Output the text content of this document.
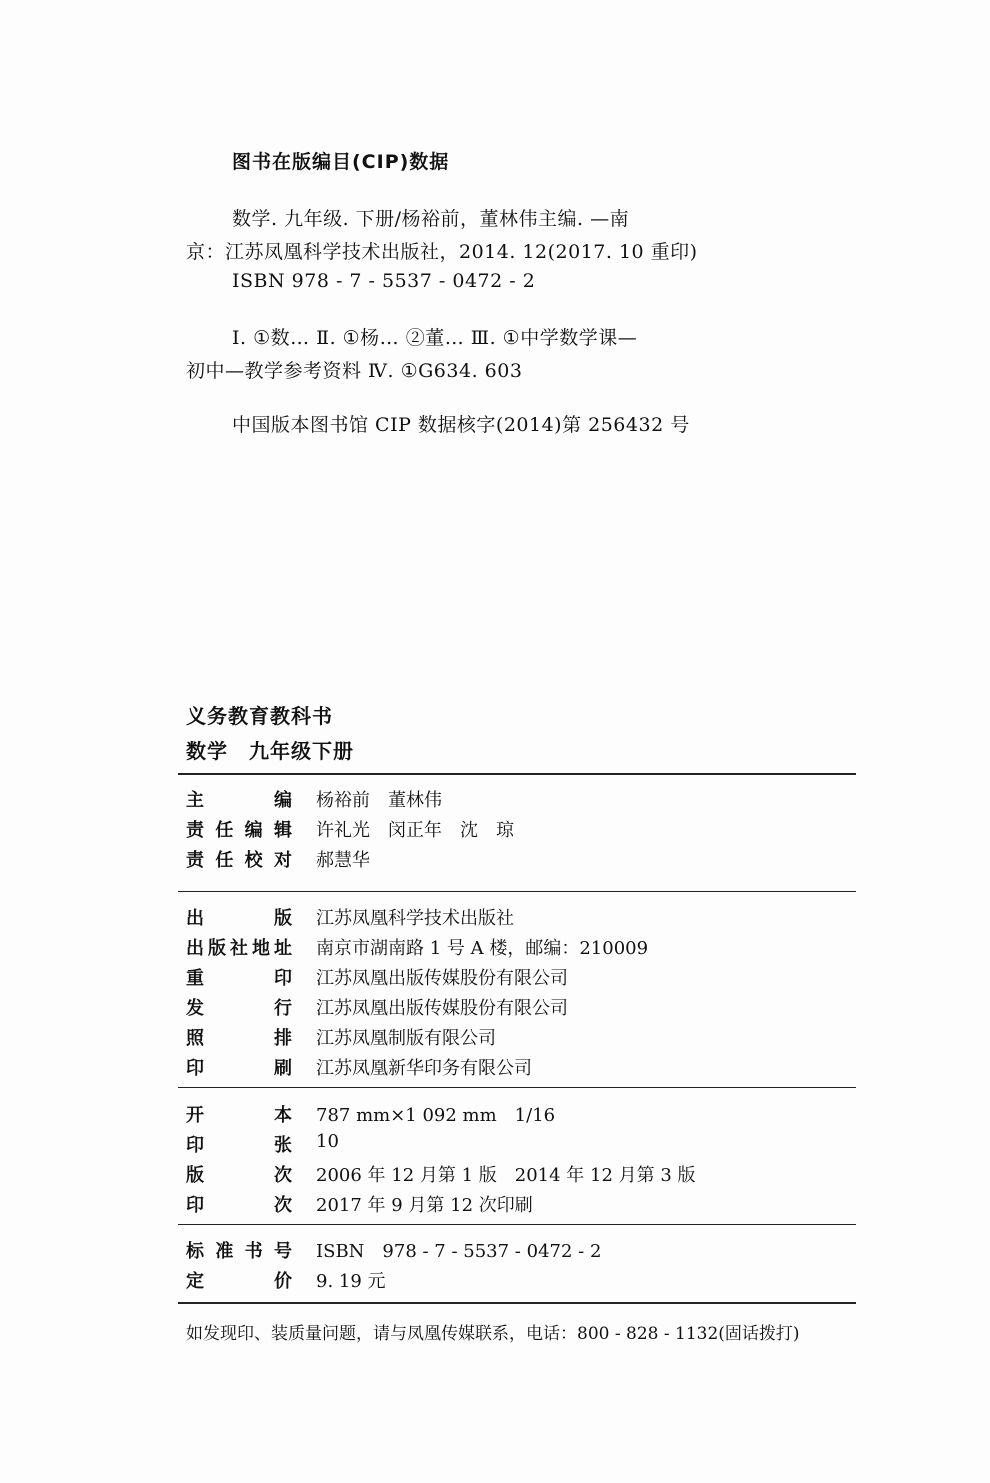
图书在版编目(CIP)数据
数学. 九年级. 下册/杨裕前，董林伟主编. —南
京：江苏凤凰科学技术出版社，2014. 12(2017. 10 重印)
ISBN 978 - 7 - 5537 - 0472 - 2
Ⅰ. ①数… Ⅱ. ①杨… ②董… Ⅲ. ①中学数学课—
初中—教学参考资料 Ⅳ. ①G634. 603
中国版本图书馆 CIP 数据核字(2014)第 256432 号
义务教育教科书
数学　九年级下册
主	编 杨裕前　董林伟
责 任 编 辑 许礼光　闵正年　沈　琼
责 任 校 对 郝慧华
出	版 江苏凤凰科学技术出版社
出 版 社 地 址 南京市湖南路 1 号 A 楼，邮编：210009
重	印 江苏凤凰出版传媒股份有限公司
发	行 江苏凤凰出版传媒股份有限公司
照	排 江苏凤凰制版有限公司
印	刷 江苏凤凰新华印务有限公司
开	本 787 mm×1 092 mm　1/16
印	张 10
版	次 2006 年 12 月第 1 版　2014 年 12 月第 3 版
印	次 2017 年 9 月第 12 次印刷
标 准 书 号 ISBN　978 - 7 - 5537 - 0472 - 2
定	价 9. 19 元
如发现印、装质量问题，请与凤凰传媒联系，电话：800 - 828 - 1132(固话拨打)
